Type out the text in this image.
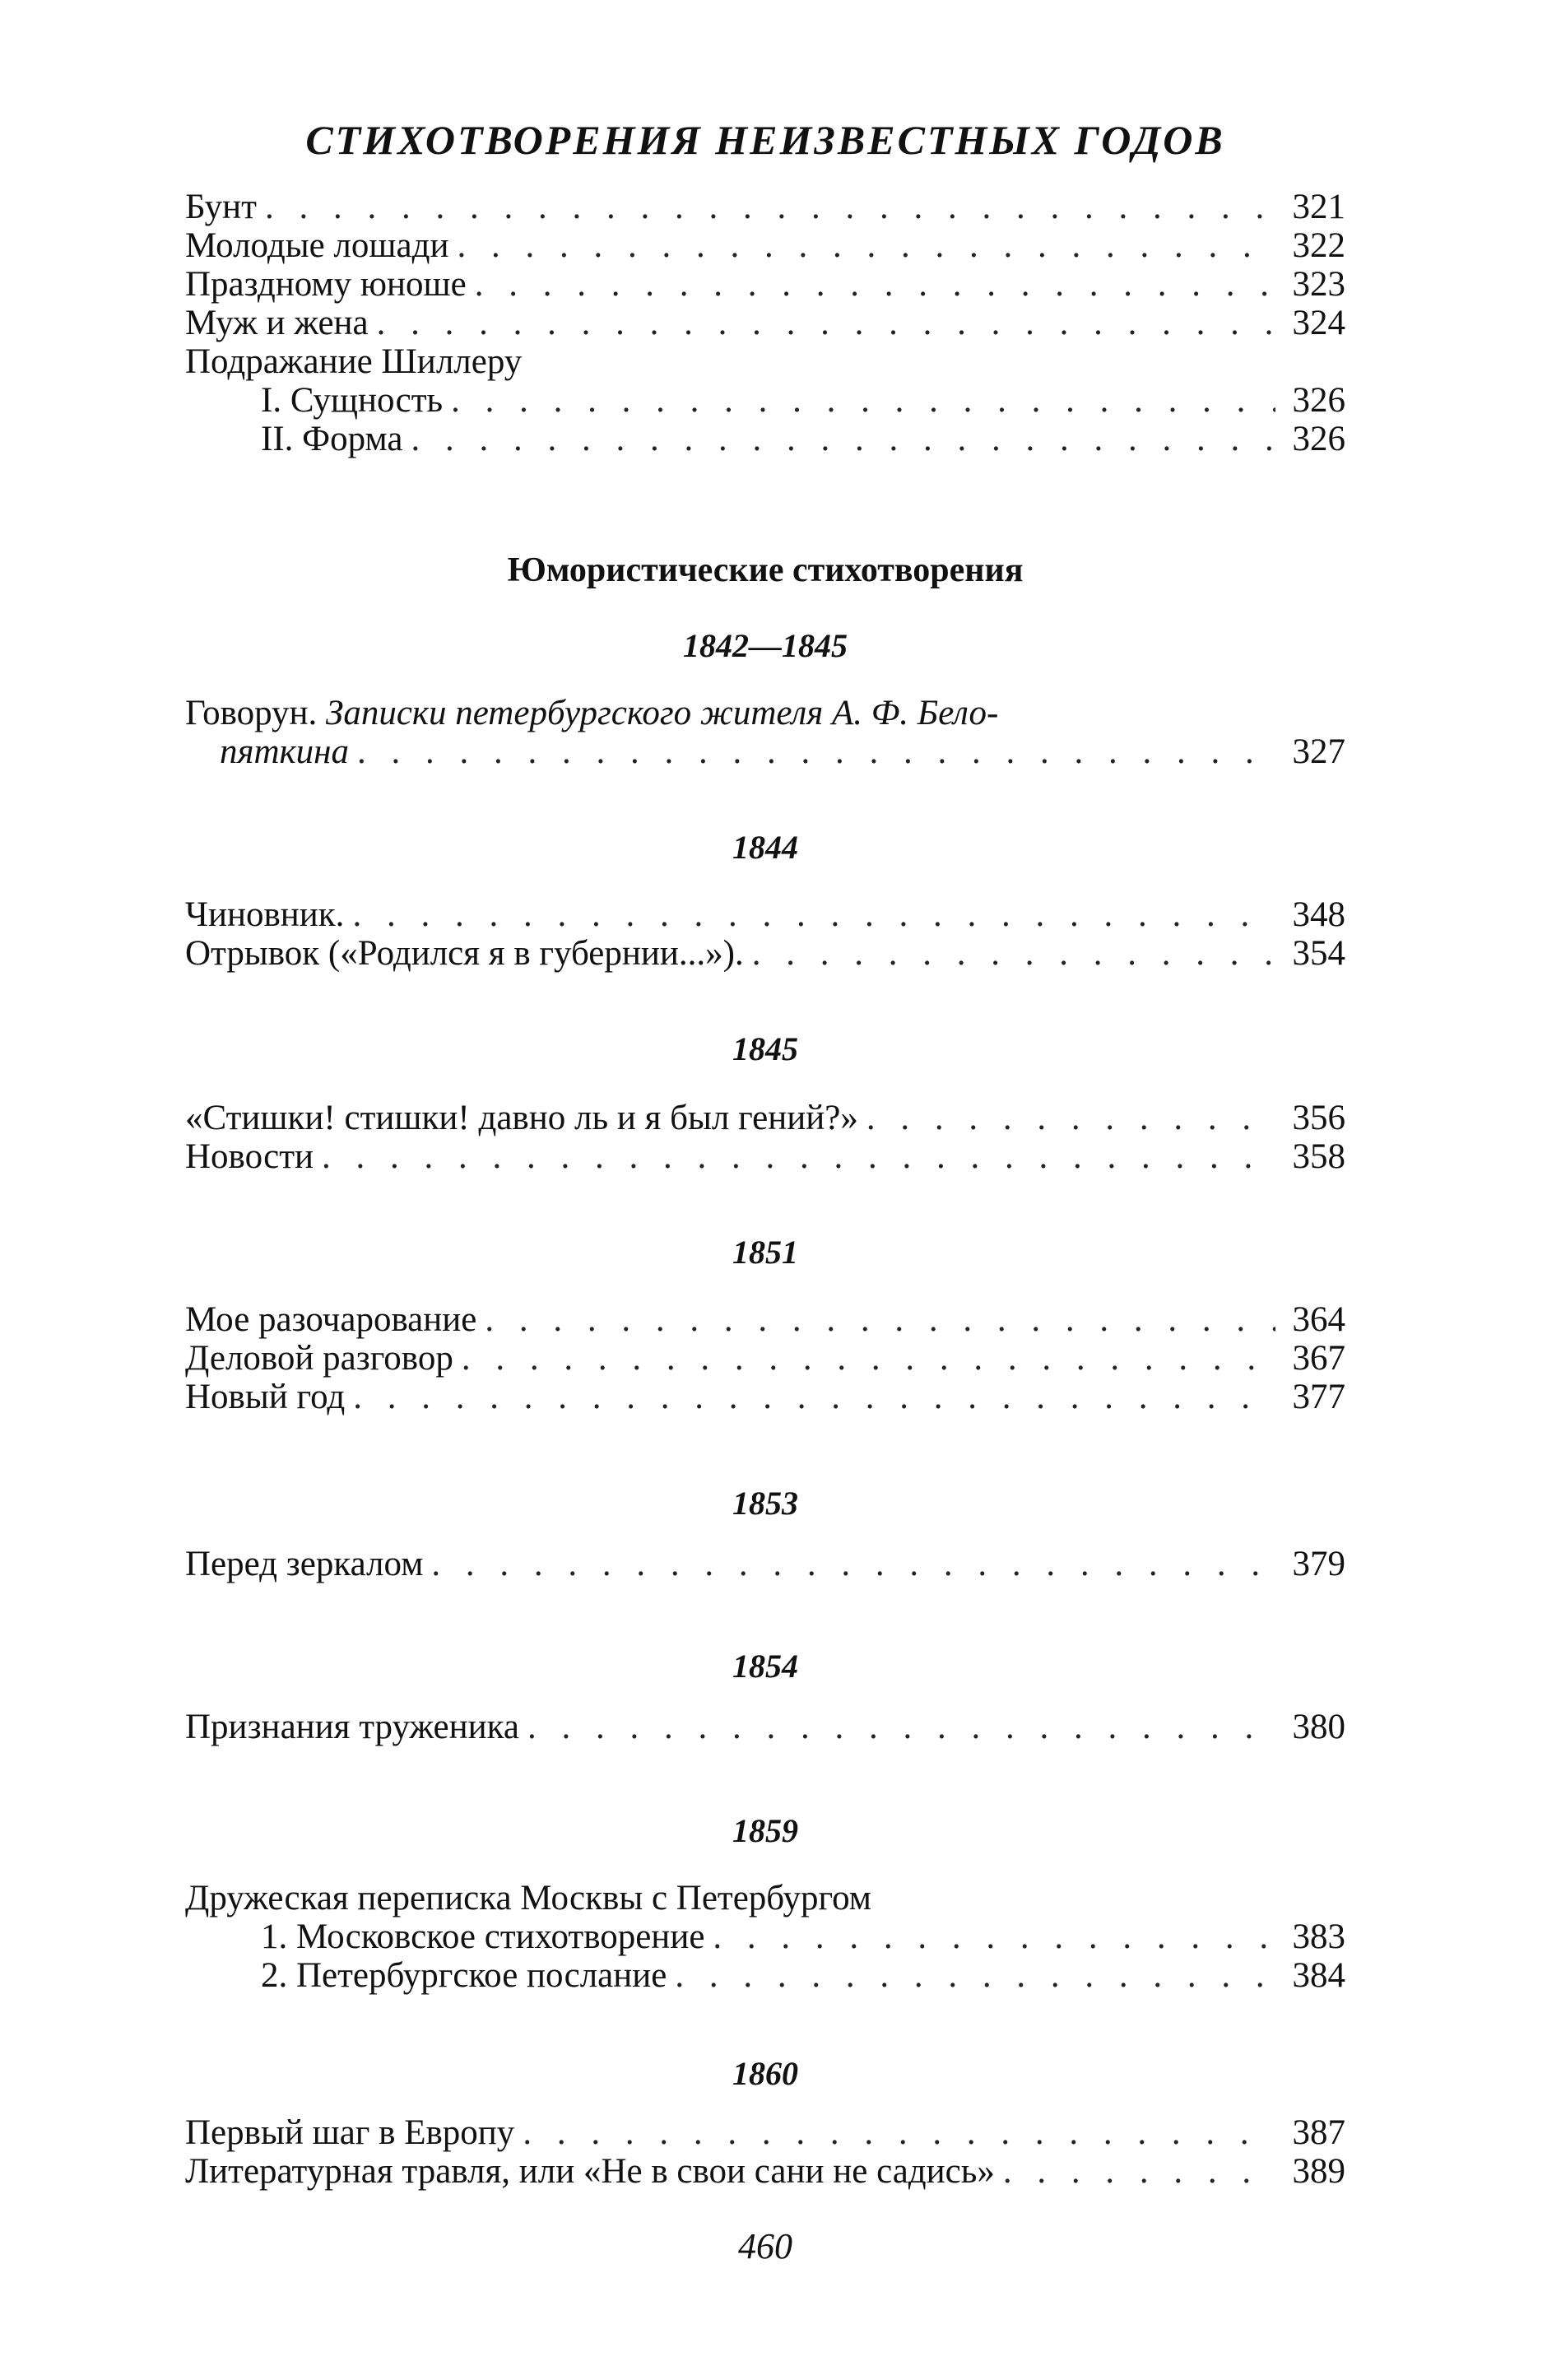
СТИХОТВОРЕНИЯ НЕИЗВЕСТНЫХ ГОДОВ
Бунт . . .	321
Молодые лошади . . .	322
Праздному юноше . . .	323
Муж и жена . . .	324
Подражание Шиллеру
I. Сущность . . .	326
II. Форма . . .	326
Юмористические стихотворения
1842—1845
Говорун. Записки петербургского жителя А. Ф. Бело-
пяткина . . .	327
1844
Чиновник. . . .	348
Отрывок («Родился я в губернии...»). . . .	354
1845
«Стишки! стишки! давно ль и я был гений?» . . .	356
Новости . . .	358
1851
Мое разочарование . . .	364
Деловой разговор . . .	367
Новый год . . .	377
1853
Перед зеркалом . . .	379
1854
Признания труженика . . .	380
1859
Дружеская переписка Москвы с Петербургом
1. Московское стихотворение . . .	383
2. Петербургское послание . . .	384
1860
Первый шаг в Европу . . .	387
Литературная травля, или «Не в свои сани не садись» . . .	389
460
